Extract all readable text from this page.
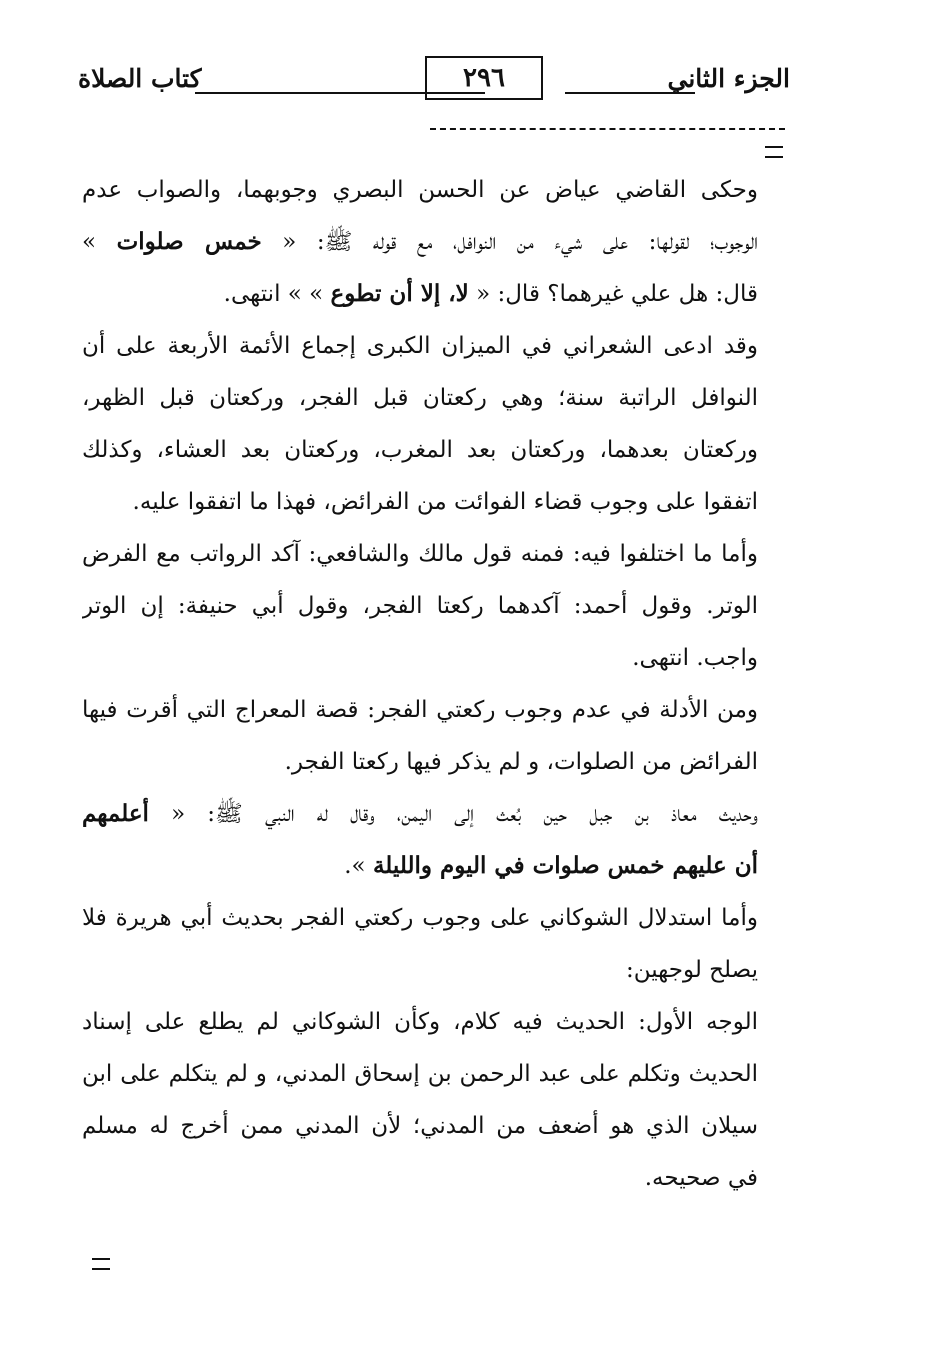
الجزء الثاني
٢٩٦
كتاب الصلاة
وحكى القاضي عياض عن الحسن البصري وجوبهما، والصواب عدم
الوجوب؛ لقولها: على شيء من النوافل، مع قوله ﷺ: « خمس صلوات »
قال: هل علي غيرهما؟ قال: « لا، إلا أن تطوع » » انتهى.
وقد ادعى الشعراني في الميزان الكبرى إجماع الأئمة الأربعة على أن
النوافل الراتبة سنة؛ وهي ركعتان قبل الفجر، وركعتان قبل الظهر،
وركعتان بعدهما، وركعتان بعد المغرب، وركعتان بعد العشاء، وكذلك
اتفقوا على وجوب قضاء الفوائت من الفرائض، فهذا ما اتفقوا عليه.
وأما ما اختلفوا فيه: فمنه قول مالك والشافعي: آكد الرواتب مع الفرض
الوتر. وقول أحمد: آكدهما ركعتا الفجر، وقول أبي حنيفة: إن الوتر
واجب. انتهى.
ومن الأدلة في عدم وجوب ركعتي الفجر: قصة المعراج التي أقرت فيها
الفرائض من الصلوات، و لم يذكر فيها ركعتا الفجر.
وحديث معاذ بن جبل حين بُعث إلى اليمن، وقال له النبي ﷺ: « أعلمهم
أن عليهم خمس صلوات في اليوم والليلة ».
وأما استدلال الشوكاني على وجوب ركعتي الفجر بحديث أبي هريرة فلا
يصلح لوجهين:
الوجه الأول: الحديث فيه كلام، وكأن الشوكاني لم يطلع على إسناد
الحديث وتكلم على عبد الرحمن بن إسحاق المدني، و لم يتكلم على ابن
سيلان الذي هو أضعف من المدني؛ لأن المدني ممن أخرج له مسلم
في صحيحه.
